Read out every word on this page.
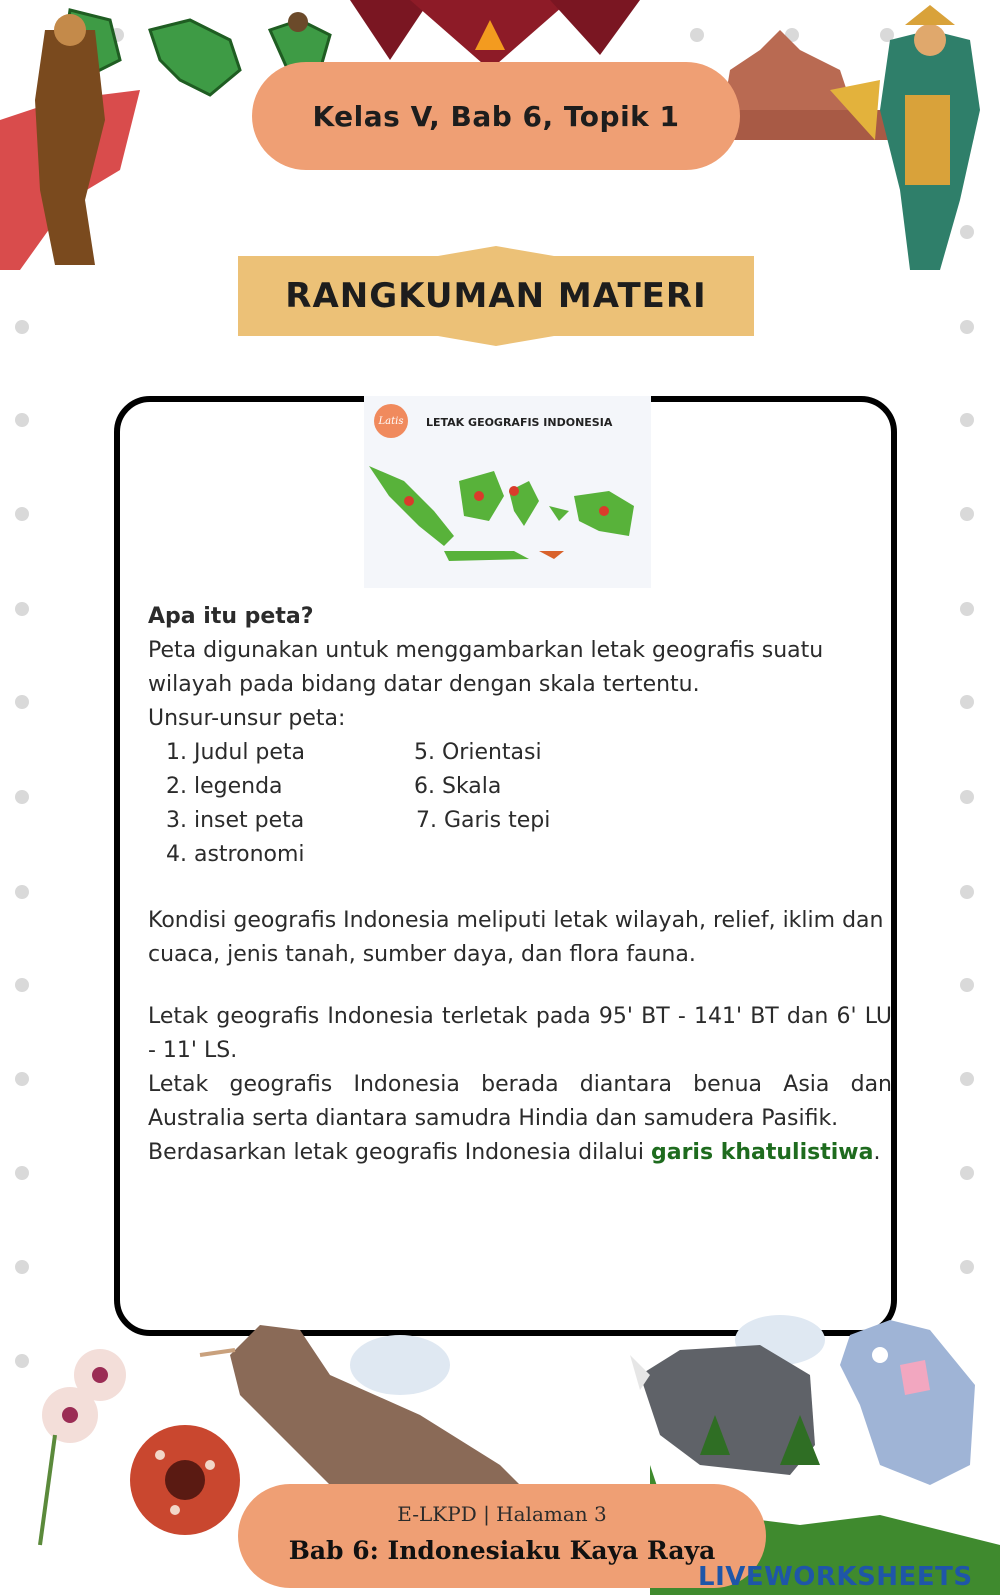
Kelas V, Bab 6, Topik 1
RANGKUMAN MATERI
Latis	LETAK GEOGRAFIS INDONESIA

Apa itu peta?

Peta digunakan untuk menggambarkan letak geografis suatu wilayah pada bidang datar dengan skala tertentu.

Unsur-unsur peta:

1. Judul peta
2. legenda
3. inset peta
4. astronomi
5. Orientasi
6. Skala
7. Garis tepi

Kondisi geografis Indonesia meliputi letak wilayah, relief, iklim dan cuaca, jenis tanah, sumber daya, dan flora fauna.

Letak geografis Indonesia terletak pada 95' BT - 141' BT dan 6' LU - 11' LS.

Letak geografis Indonesia berada diantara benua Asia dan Australia serta diantara samudra Hindia dan samudera Pasifik.

Berdasarkan letak geografis Indonesia dilalui garis khatulistiwa.

E-LKPD | Halaman 3
Bab 6: Indonesiaku Kaya Raya
LIVEWORKSHEETS
